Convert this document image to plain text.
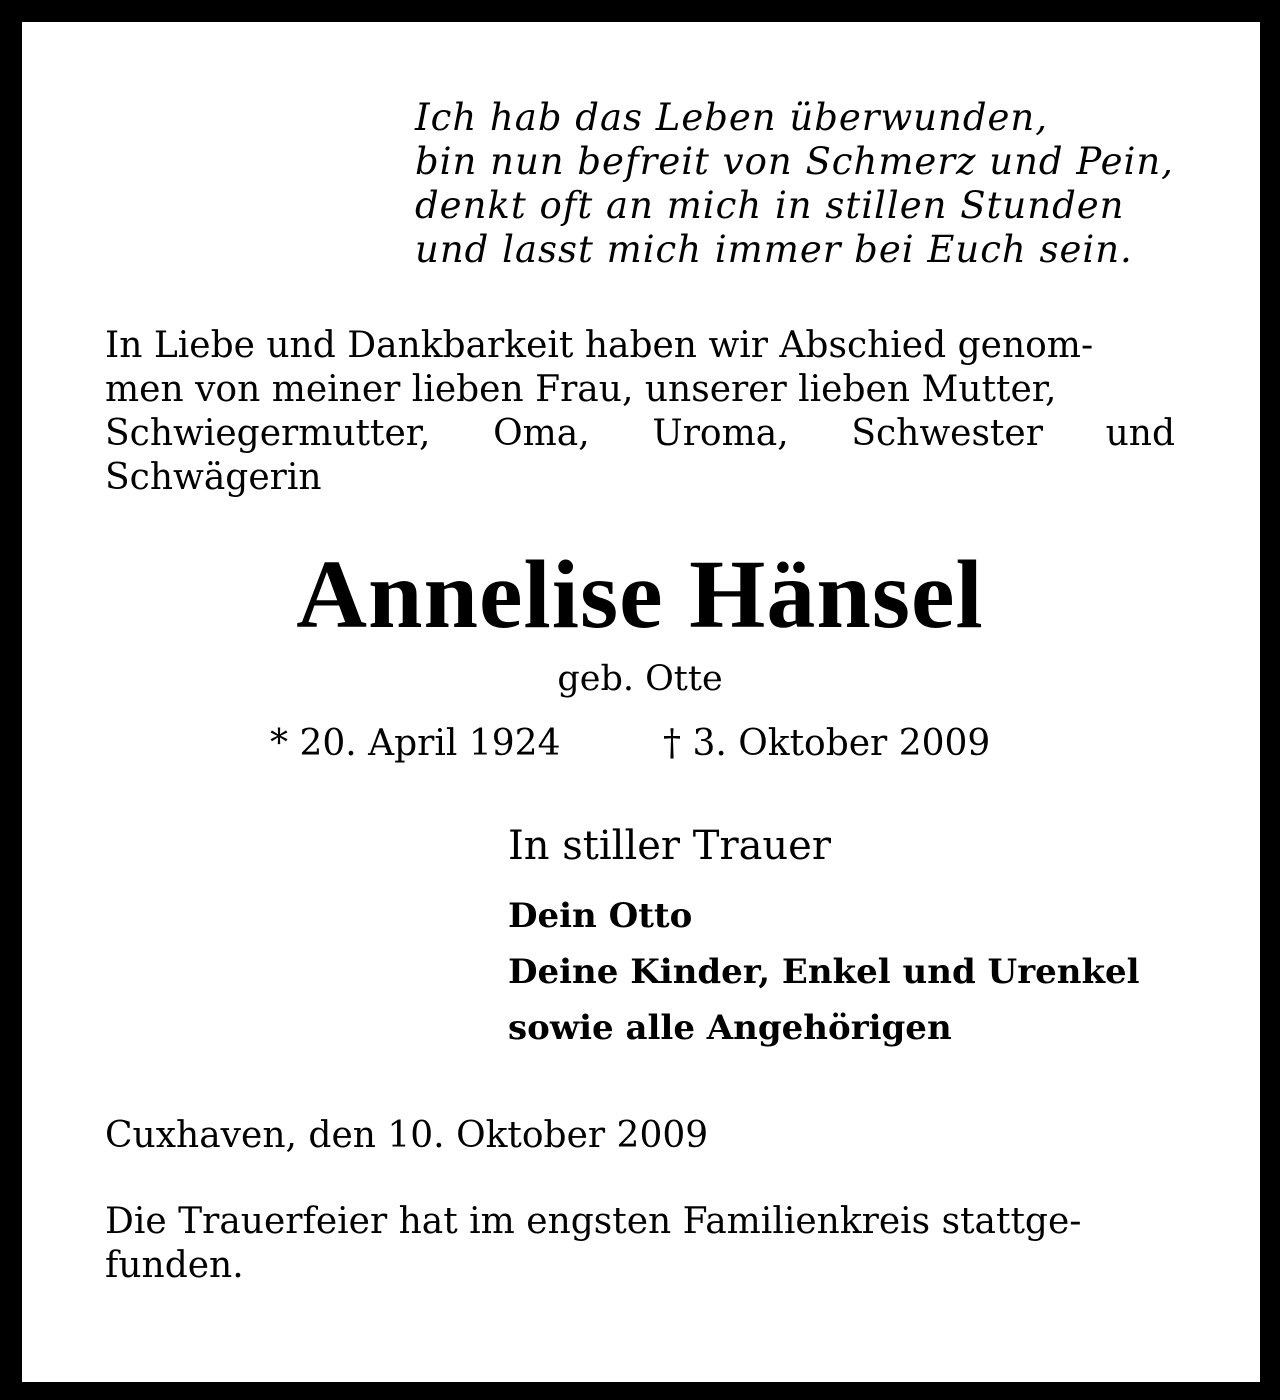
Ich hab das Leben überwunden,
bin nun befreit von Schmerz und Pein,
denkt oft an mich in stillen Stunden
und lasst mich immer bei Euch sein.
In Liebe und Dankbarkeit haben wir Abschied genom-
men von meiner lieben Frau, unserer lieben Mutter,
Schwiegermutter, Oma, Uroma, Schwester und
Schwägerin
Annelise Hänsel
geb. Otte
* 20. April 1924	† 3. Oktober 2009
In stiller Trauer
Dein Otto
Deine Kinder, Enkel und Urenkel
sowie alle Angehörigen
Cuxhaven, den 10. Oktober 2009
Die Trauerfeier hat im engsten Familienkreis stattge-
funden.
